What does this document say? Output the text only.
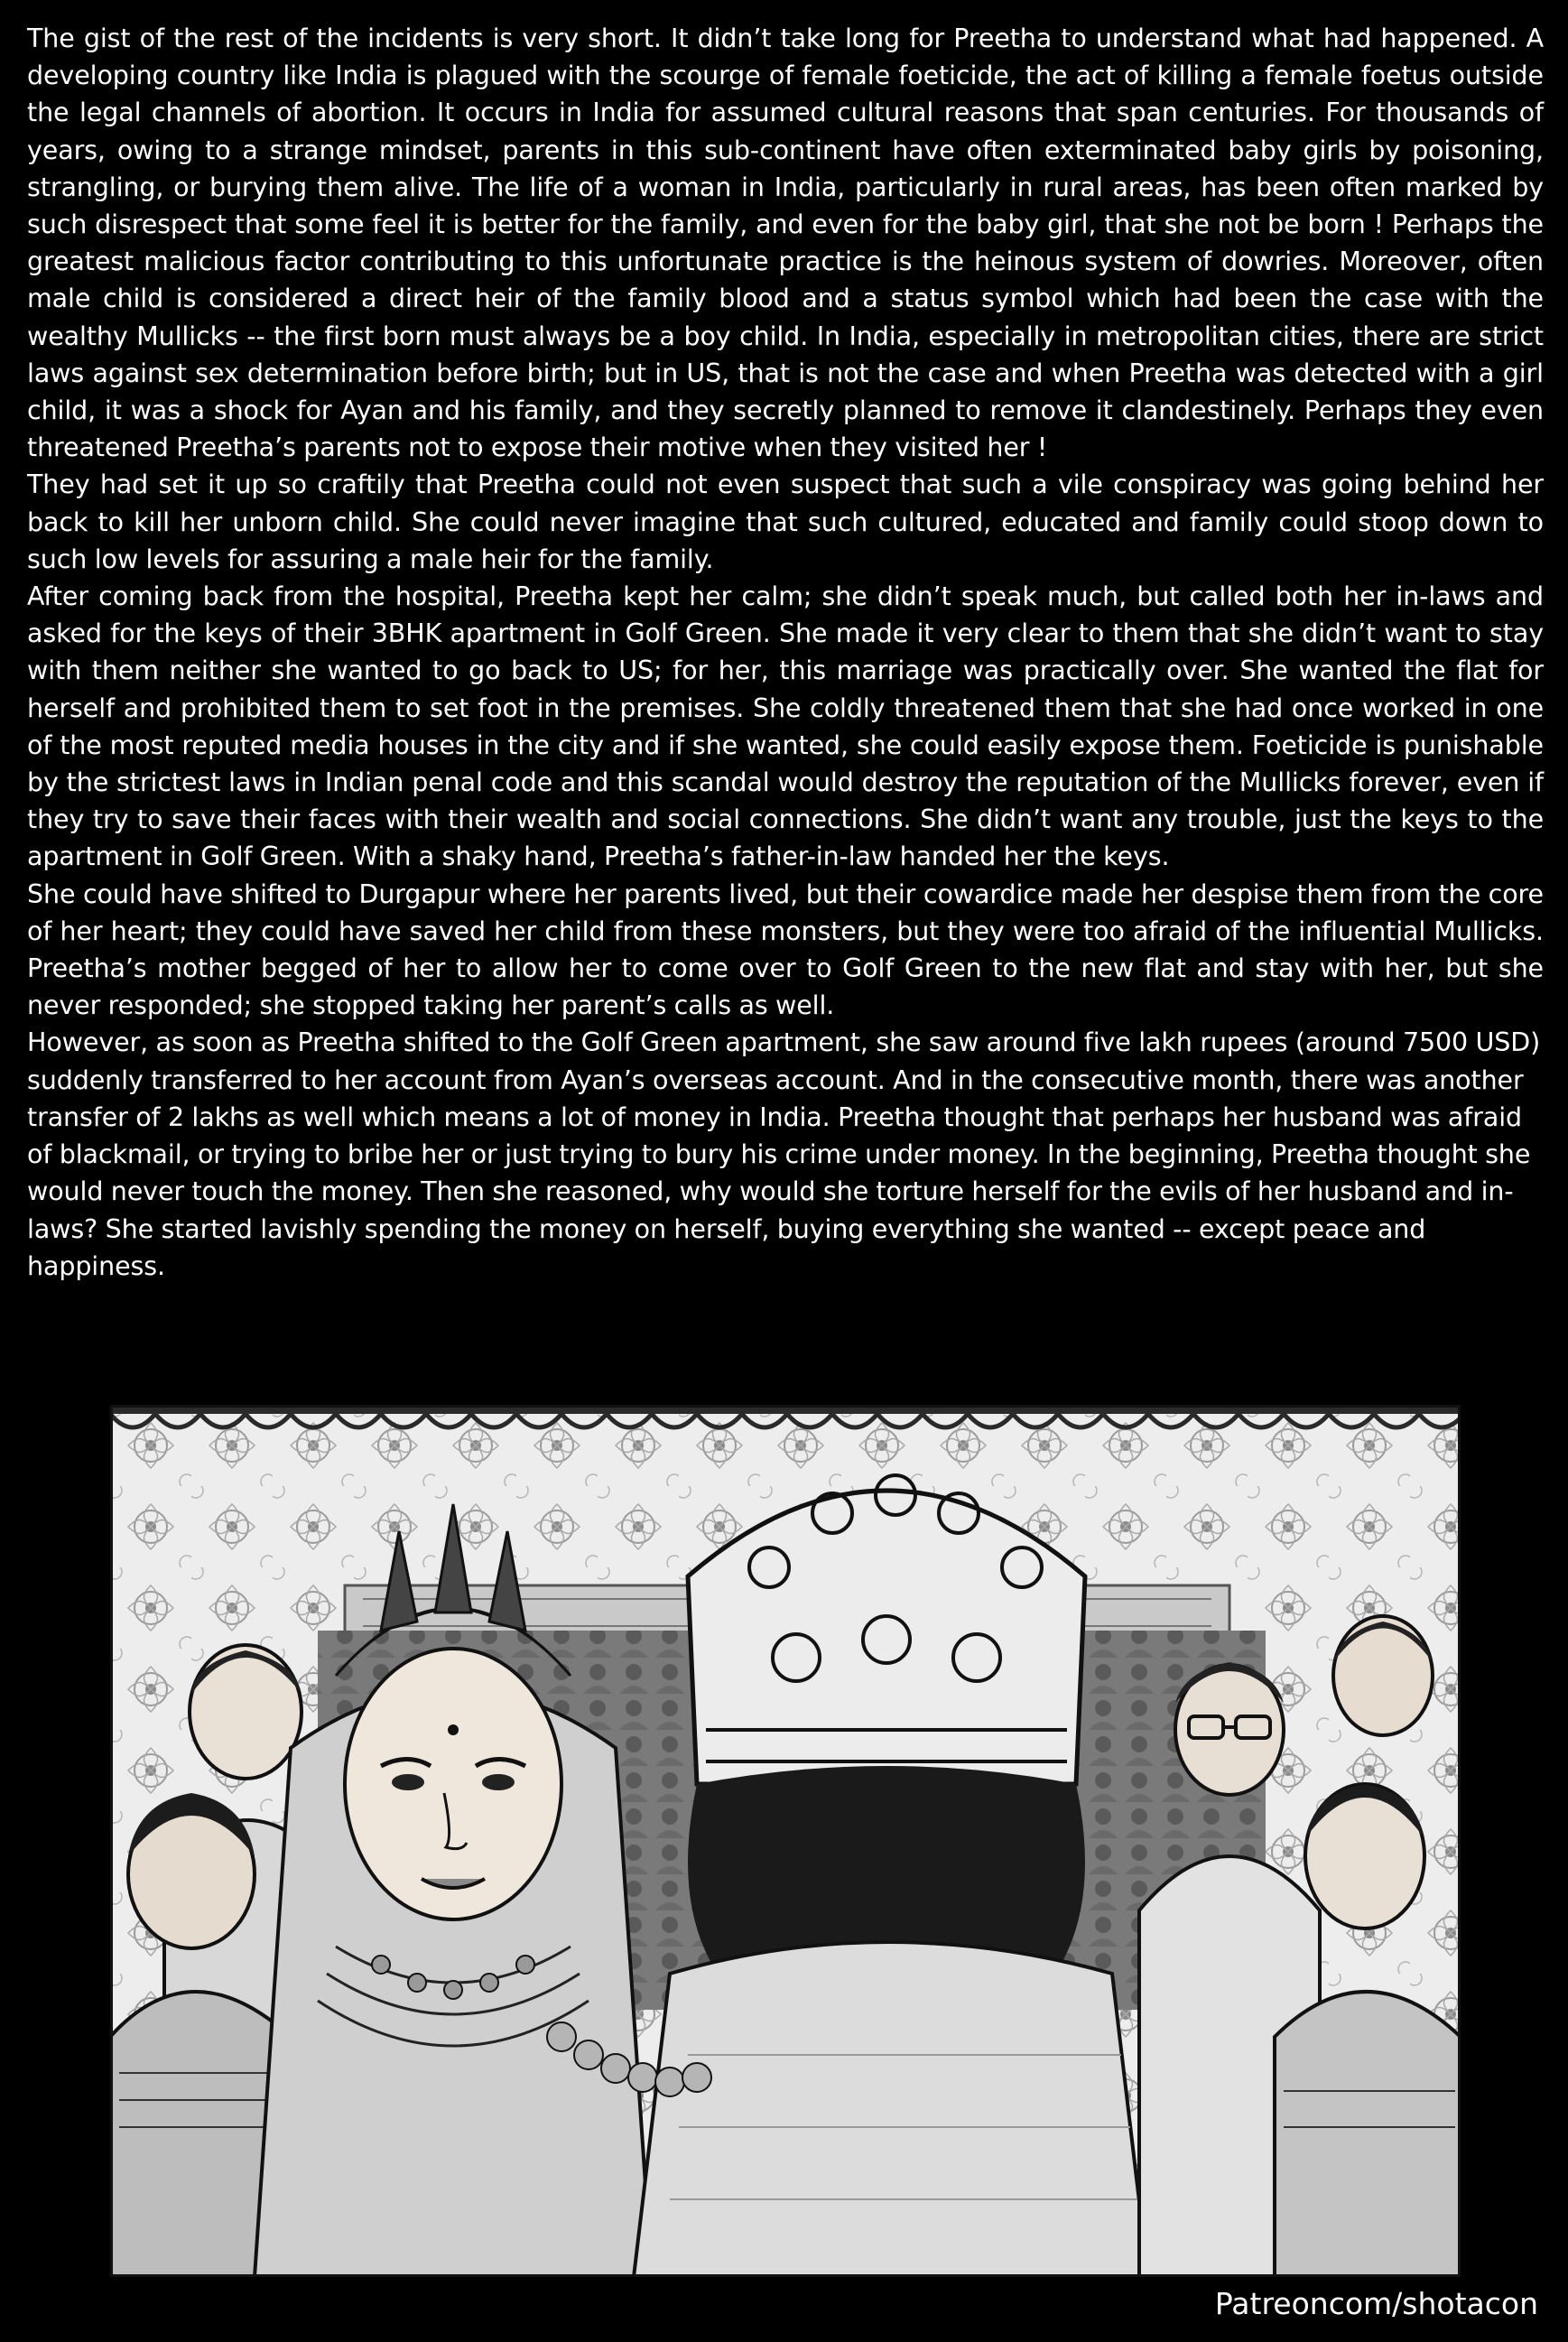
The gist of the rest of the incidents is very short. It didn’t take long for Preetha to understand what had happened. A developing country like India is plagued with the scourge of female foeticide, the act of killing a female foetus outside the legal channels of abortion. It occurs in India for assumed cultural reasons that span centuries. For thousands of years, owing to a strange mindset, parents in this sub-continent have often exterminated baby girls by poisoning, strangling, or burying them alive. The life of a woman in India, particularly in rural areas, has been often marked by such disrespect that some feel it is better for the family, and even for the baby girl, that she not be born ! Perhaps the greatest malicious factor contributing to this unfortunate practice is the heinous system of dowries. Moreover, often male child is considered a direct heir of the family blood and a status symbol which had been the case with the wealthy Mullicks -- the first born must always be a boy child. In India, especially in metropolitan cities, there are strict laws against sex determination before birth; but in US, that is not the case and when Preetha was detected with a girl child, it was a shock for Ayan and his family, and they secretly planned to remove it clandestinely. Perhaps they even threatened Preetha’s parents not to expose their motive when they visited her !

They had set it up so craftily that Preetha could not even suspect that such a vile conspiracy was going behind her back to kill her unborn child. She could never imagine that such cultured, educated and family could stoop down to such low levels for assuring a male heir for the family.

After coming back from the hospital, Preetha kept her calm; she didn’t speak much, but called both her in-laws and asked for the keys of their 3BHK apartment in Golf Green. She made it very clear to them that she didn’t want to stay with them neither she wanted to go back to US; for her, this marriage was practically over. She wanted the flat for herself and prohibited them to set foot in the premises. She coldly threatened them that she had once worked in one of the most reputed media houses in the city and if she wanted, she could easily expose them. Foeticide is punishable by the strictest laws in Indian penal code and this scandal would destroy the reputation of the Mullicks forever, even if they try to save their faces with their wealth and social connections. She didn’t want any trouble, just the keys to the apartment in Golf Green. With a shaky hand, Preetha’s father-in-law handed her the keys.

She could have shifted to Durgapur where her parents lived, but their cowardice made her despise them from the core of her heart; they could have saved her child from these monsters, but they were too afraid of the influential Mullicks. Preetha’s mother begged of her to allow her to come over to Golf Green to the new flat and stay with her, but she never responded; she stopped taking her parent’s calls as well.

However, as soon as Preetha shifted to the Golf Green apartment, she saw around five lakh rupees (around 7500 USD) suddenly transferred to her account from Ayan’s overseas account. And in the consecutive month, there was another transfer of 2 lakhs as well which means a lot of money in India. Preetha thought that perhaps her husband was afraid of blackmail, or trying to bribe her or just trying to bury his crime under money. In the beginning, Preetha thought she would never touch the money. Then she reasoned, why would she torture herself for the evils of her husband and in-laws? She started lavishly spending the money on herself, buying everything she wanted -- except peace and happiness.

Patreoncom/shotacon
